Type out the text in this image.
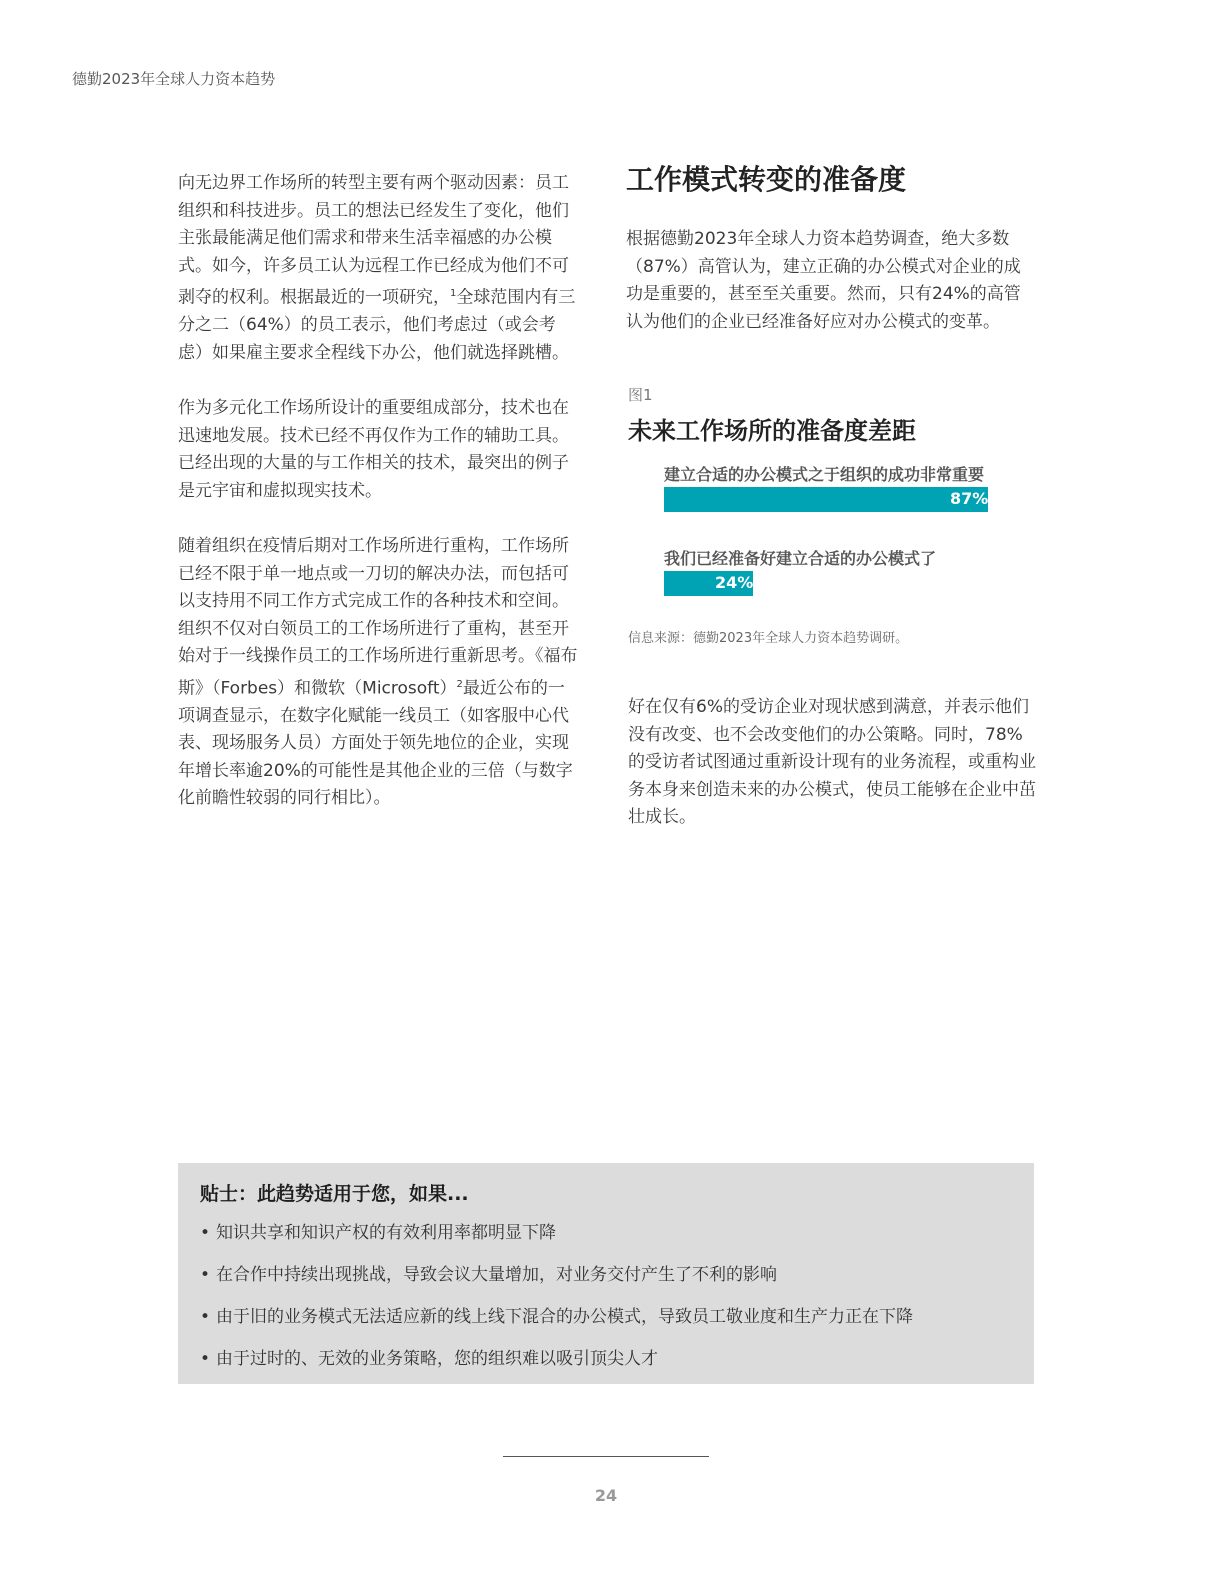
德勤2023年全球人力资本趋势

向无边界工作场所的转型主要有两个驱动因素：员工组织和科技进步。员工的想法已经发生了变化，他们主张最能满足他们需求和带来生活幸福感的办公模式。如今，许多员工认为远程工作已经成为他们不可剥夺的权利。根据最近的一项研究，$^1$全球范围内有三分之二（64%）的员工表示，他们考虑过（或会考虑）如果雇主要求全程线下办公，他们就选择跳槽。

作为多元化工作场所设计的重要组成部分，技术也在迅速地发展。技术已经不再仅作为工作的辅助工具。已经出现的大量的与工作相关的技术，最突出的例子是元宇宙和虚拟现实技术。

随着组织在疫情后期对工作场所进行重构，工作场所已经不限于单一地点或一刀切的解决办法，而包括可以支持用不同工作方式完成工作的各种技术和空间。组织不仅对白领员工的工作场所进行了重构，甚至开始对于一线操作员工的工作场所进行重新思考。《福布斯》（Forbes）和微软（Microsoft）$^2$最近公布的一项调查显示，在数字化赋能一线员工（如客服中心代表、现场服务人员）方面处于领先地位的企业，实现年增长率逾20%的可能性是其他企业的三倍（与数字化前瞻性较弱的同行相比）。

工作模式转变的准备度

根据德勤2023年全球人力资本趋势调查，绝大多数（87%）高管认为，建立正确的办公模式对企业的成功是重要的，甚至至关重要。然而，只有24%的高管认为他们的企业已经准备好应对办公模式的变革。

图1
未来工作场所的准备度差距
建立合适的办公模式之于组织的成功非常重要
87%
我们已经准备好建立合适的办公模式了
24%
信息来源：德勤2023年全球人力资本趋势调研。

好在仅有6%的受访企业对现状感到满意，并表示他们没有改变、也不会改变他们的办公策略。同时，78%的受访者试图通过重新设计现有的业务流程，或重构业务本身来创造未来的办公模式，使员工能够在企业中茁壮成长。

贴士：此趋势适用于您，如果...
• 知识共享和知识产权的有效利用率都明显下降
• 在合作中持续出现挑战，导致会议大量增加，对业务交付产生了不利的影响
• 由于旧的业务模式无法适应新的线上线下混合的办公模式，导致员工敬业度和生产力正在下降
• 由于过时的、无效的业务策略，您的组织难以吸引顶尖人才
24
